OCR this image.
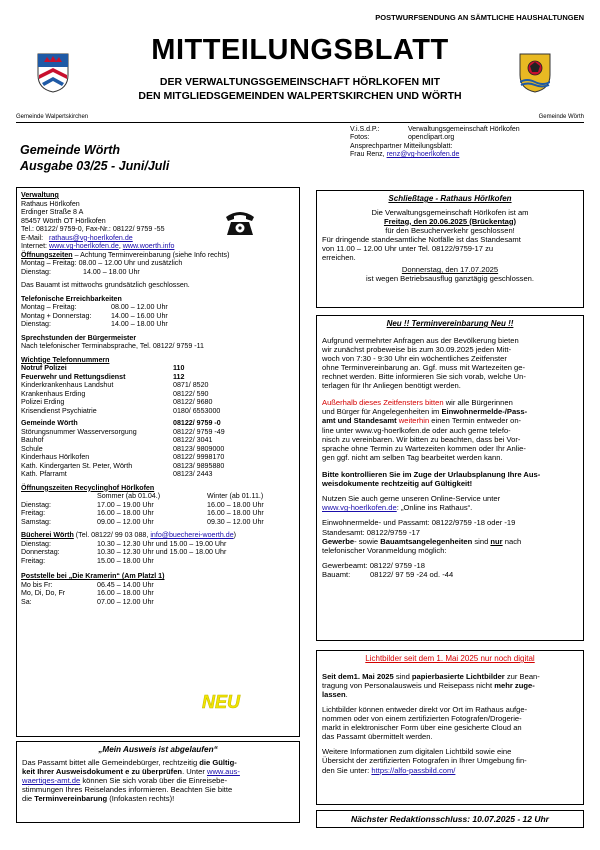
POSTWURFSENDUNG AN SÄMTLICHE HAUSHALTUNGEN
MITTEILUNGSBLATT
DER VERWALTUNGSGEMEINSCHAFT HÖRLKOFEN MIT
DEN MITGLIEDSGEMEINDEN WALPERTSKIRCHEN UND WÖRTH
Gemeinde Walpertskirchen	Gemeinde Wörth
Gemeinde Wörth
Ausgabe 03/25 - Juni/Juli
V.i.S.d.P.:	Verwaltungsgemeinschaft Hörlkofen
Fotos:	openclipart.org
Ansprechpartner Mitteilungsblatt:
Frau Renz, renz@vg-hoerlkofen.de
Verwaltung
Rathaus Hörlkofen
Erdinger Straße 8 A
85457 Wörth OT Hörlkofen
Tel.: 08122/ 9759-0, Fax-Nr.: 08122/ 9759 -55
E-Mail: rathaus@vg-hoerlkofen.de
Internet: www.vg-hoerlkofen.de, www.woerth.info
Öffnungszeiten – Achtung Terminvereinbarung (siehe Info rechts)
Montag – Freitag: 08.00 – 12.00 Uhr und zusätzlich
Dienstag:	14.00 – 18.00 Uhr
Das Bauamt ist mittwochs grundsätzlich geschlossen.
Telefonische Erreichbarkeiten
Montag – Freitag:	08.00 – 12.00 Uhr
Montag + Donnerstag:	14.00 – 16.00 Uhr
Dienstag:	14.00 – 18.00 Uhr
Sprechstunden der Bürgermeister
Nach telefonischer Terminabsprache, Tel. 08122/ 9759 -11
Wichtige Telefonnummern
Notruf Polizei	110
Feuerwehr und Rettungsdienst	112
Kinderkrankenhaus Landshut	0871/ 8520
Krankenhaus Erding	08122/ 590
Polizei Erding	08122/ 9680
Krisendienst Psychiatrie	0180/ 6553000
Gemeinde Wörth	08122/ 9759 -0
Störungsnummer Wasserversorgung	08122/ 9759 -49
Bauhof	08122/ 3041
Schule	08123/ 9809000
Kinderhaus Hörlkofen	08122/ 9998170
Kath. Kindergarten St. Peter, Wörth	08123/ 9895880
Kath. Pfarramt	08123/ 2443
Öffnungszeiten Recyclinghof Hörlkofen
Sommer (ab 01.04.)	Winter (ab 01.11.)
Dienstag:	17.00 – 19.00 Uhr	16.00 – 18.00 Uhr
Freitag:	16.00 – 18.00 Uhr	16.00 – 18.00 Uhr
Samstag:	09.00 – 12.00 Uhr	09.30 – 12.00 Uhr
Bücherei Wörth (Tel. 08122/ 99 03 088, info@buecherei-woerth.de)
Dienstag:	10.30 – 12.30 Uhr und 15.00 – 19.00 Uhr
Donnerstag:	10.30 – 12.30 Uhr und 15.00 – 18.00 Uhr
Freitag:	15.00 – 18.00 Uhr
Poststelle bei „Die Kramerin“ (Am Platzl 1)
Mo bis Fr:	06.45 – 14.00 Uhr
Mo, Di, Do, Fr	16.00 – 18.00 Uhr
Sa:	07.00 – 12.00 Uhr
NEU
„Mein Ausweis ist abgelaufen“
Das Passamt bittet alle Gemeindebürger, rechtzeitig die Gültig-
keit Ihrer Ausweisdokument e zu überprüfen. Unter www.aus-
waertiges-amt.de können Sie sich vorab über die Einreisebe-
stimmungen Ihres Reiselandes informieren. Beachten Sie bitte
die Terminvereinbarung (Infokasten rechts)!
Schließtage - Rathaus Hörlkofen
Die Verwaltungsgemeinschaft Hörlkofen ist am
Freitag, den 20.06.2025 (Brückentag)
für den Besucherverkehr geschlossen!
Für dringende standesamtliche Notfälle ist das Standesamt
von 11.00 – 12.00 Uhr unter Tel. 08122/9759-17 zu
erreichen.
Donnerstag, den 17.07.2025
ist wegen Betriebsausflug ganztägig geschlossen.
Neu !! Terminvereinbarung Neu !!
Aufgrund vermehrter Anfragen aus der Bevölkerung bieten
wir zunächst probeweise bis zum 30.09.2025 jeden Mitt-
woch von 7:30 - 9:30 Uhr ein wöchentliches Zeitfenster
ohne Terminvereinbarung an. Ggf. muss mit Wartezeiten ge-
rechnet werden. Bitte informieren Sie sich vorab, welche Un-
terlagen für Ihr Anliegen benötigt werden.
Außerhalb dieses Zeitfensters bitten wir alle Bürgerinnen
und Bürger für Angelegenheiten im Einwohnermelde-/Pass-
amt und Standesamt weiterhin einen Termin entweder on-
line unter www.vg-hoerlkofen.de oder auch gerne telefo-
nisch zu vereinbaren. Wir bitten zu beachten, dass bei Vor-
sprache ohne Termin zu Wartezeiten kommen oder Ihr Anlie-
gen ggf. nicht am selben Tag bearbeitet werden kann.
Bitte kontrollieren Sie im Zuge der Urlaubsplanung Ihre Aus-
weisdokumente rechtzeitig auf Gültigkeit!
Nutzen Sie auch gerne unseren Online-Service unter
www.vg-hoerlkofen.de: „Online ins Rathaus“.
Einwohnermelde- und Passamt: 08122/9759 -18 oder -19
Standesamt: 08122/9759 -17
Gewerbe- sowie Bauamtsangelegenheiten sind nur nach
telefonischer Voranmeldung möglich:
Gewerbeamt: 08122/ 9759 -18
Bauamt:	08122/ 97 59 -24 od. -44
Lichtbilder seit dem 1. Mai 2025 nur noch digital
Seit dem1. Mai 2025 sind papierbasierte Lichtbilder zur Bean-
tragung von Personalausweis und Reisepass nicht mehr zuge-
lassen.
Lichtbilder können entweder direkt vor Ort im Rathaus aufge-
nommen oder von einem zertifizierten Fotografen/Drogerie-
markt in elektronischer Form über eine gesicherte Cloud an
das Passamt übermittelt werden.
Weitere Informationen zum digitalen Lichtbild sowie eine
Übersicht der zertifizierten Fotografen in Ihrer Umgebung fin-
den Sie unter: https://alfo-passbild.com/
Nächster Redaktionsschluss: 10.07.2025 - 12 Uhr
